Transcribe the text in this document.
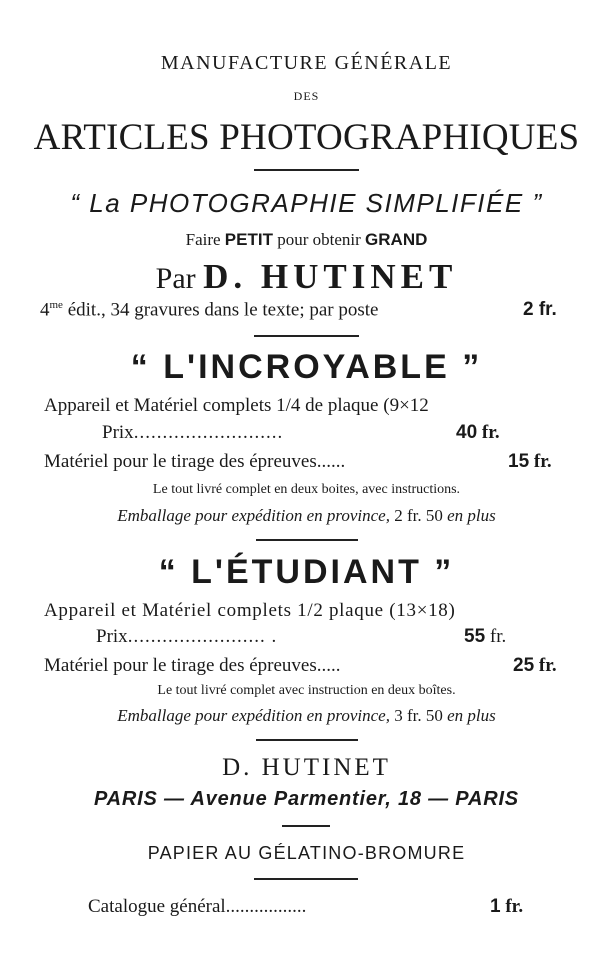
MANUFACTURE GÉNÉRALE
DES
ARTICLES PHOTOGRAPHIQUES
“ La PHOTOGRAPHIE SIMPLIFIÉE ”
Faire PETIT pour obtenir GRAND
Par D. HUTINET
$4^{me}$ édit., 34 gravures dans le texte; par poste	2 fr.
“ L'INCROYABLE ”
Appareil et Matériel complets 1/4 de plaque (9×12
Prix..........................	40 fr.
Matériel pour le tirage des épreuves......	15 fr.
Le tout livré complet en deux boites, avec instructions.
Emballage pour expédition en province, 2 fr. 50 en plus
“ L'ÉTUDIANT ”
Appareil et Matériel complets 1/2 plaque (13×18)
Prix........................ .	55 fr.
Matériel pour le tirage des épreuves.....	25 fr.
Le tout livré complet avec instruction en deux boîtes.
Emballage pour expédition en province, 3 fr. 50 en plus
D. HUTINET
PARIS — Avenue Parmentier, 18 — PARIS
PAPIER AU GÉLATINO-BROMURE
Catalogue général.................	1 fr.
